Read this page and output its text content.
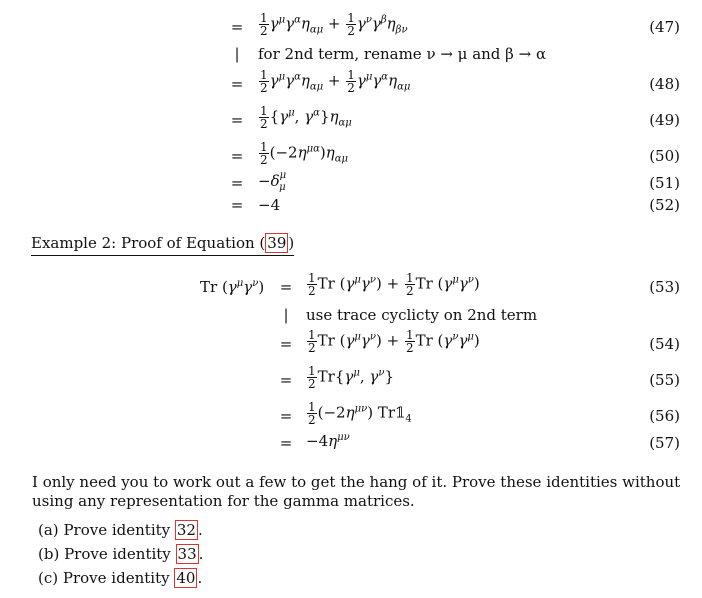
=	$\frac{1}{2} \gamma^\mu\gamma^\alpha\eta_{\alpha\mu} + \frac{1}{2} \gamma^\nu\gamma^\beta\eta_{\beta\nu}$	(47)
|	for 2nd term, rename ν → μ and β → α
=	$\frac{1}{2} \gamma^\mu\gamma^\alpha\eta_{\alpha\mu} + \frac{1}{2} \gamma^\mu\gamma^\alpha\eta_{\alpha\mu}$	(48)
=	$\frac{1}{2} \{\gamma^\mu$, $\gamma^\alpha\}\eta_{\alpha\mu}$	(49)
=	$\frac{1}{2} (-2\eta^{\mu\alpha})\eta_{\alpha\mu}$	(50)
= $-\delta^\mu_\mu$	(51)
= −4	(52)
Example 2: Proof of Equation ( 39 )
Tr $(\gamma^\mu\gamma^\nu)$	=	$\frac{1}{2}$ Tr $(\gamma^\mu\gamma^\nu) + \frac{1}{2}$ Tr $(\gamma^\mu\gamma^\nu)$	(53)
|	use trace cyclicty on 2nd term
=	$\frac{1}{2}$ Tr $(\gamma^\mu\gamma^\nu) + \frac{1}{2}$ Tr $(\gamma^\nu\gamma^\mu)$	(54)
=	$\frac{1}{2} Tr\{\gamma^\mu$, $\gamma^\nu$}	(55)
=	$\frac{1}{2} (-2\eta^{\mu\nu})$ $Tr𝟙_4$	(56)
= $-4\eta^{\mu\nu}$	(57)
I only need you to work out a few to get the hang of it. Prove these identities without using any representation for the gamma matrices.
(a) Prove identity 32 .
(b) Prove identity 33 .
(c) Prove identity 40 .
